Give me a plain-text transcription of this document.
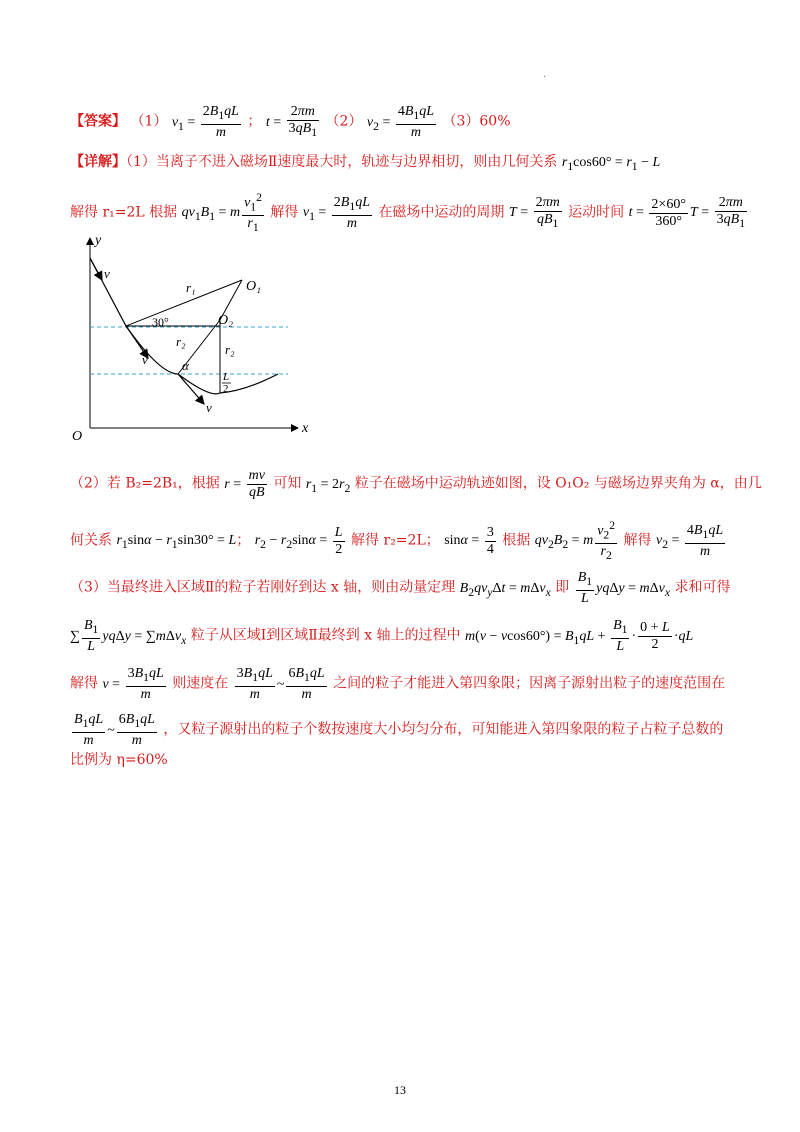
·
【答案】 （1） $v_1 = \frac{2B_1qL}{m}$ ； $t = \frac{2\pi m}{3qB_1} (2) v_2 = \frac{4B_1qL}{m} (3)60\%$
【详解】（1）当离子不进入磁场Ⅱ速度最大时，轨迹与边界相切，则由几何关系 $r_1\cos 60^\circ = r_1 - L$
解得 r₁=2L 根据 $qv_1B_1 = m \frac{v_1^2}{r_1}$ 解得 $v_1 = \frac{2B_1qL}{m}$ 在磁场中运动的周期 $T = \frac{2\pi m}{qB_1}$ 运动时间 $t = \frac{2\times 60^\circ}{360^\circ}$ $T = \frac{2\pi m}{3qB_1}$
y
x
O
v
v
v
r₁
r₂
r₂
O₁
O₂
30°
α
L
2
（2）若 B₂=2B₁，根据 $r = \frac{mv}{qB}$ 可知 $r_1 = 2r_2$ 粒子在磁场中运动轨迹如图，设 O₁O₂ 与磁场边界夹角为 α，由几
何关系 $r_1\sin\alpha - r_1\sin 30^\circ = L$； $r_2 - r_2\sin\alpha = \frac{L}{2}$ 解得 r₂=2L； $\sin\alpha = \frac{3}{4}$ 根据 $qv_2B_2 = m \frac{v_2^2}{r_2}$ 解得 $v_2 = \frac{4B_1qL}{m}$
（3）当最终进入区域Ⅱ的粒子若刚好到达 x 轴，则由动量定理 $B_2qv_y\Delta t = m\Delta v_x$ 即 $\frac{B_1}{L}$ yqΔy = mΔv$_x$ 求和可得
∑ $\frac{B_1}{L}$ yqΔy = ∑mΔv$_x$ 粒子从区域Ⅰ到区域Ⅱ最终到 x 轴上的过程中 $m(v - vcos60^\circ) = B_1qL + \frac{B_1}{L} \cdot \frac{0 + L}{2} \cdot qL$
解得 $v = \frac{3B_1qL}{m}$ 则速度在 $\frac{3B_1qL}{m}$ ~ $\frac{6B_1qL}{m}$ 之间的粒子才能进入第四象限；因离子源射出粒子的速度范围在
$\frac{B_1qL}{m}$ ~ $\frac{6B_1qL}{m}$ ，又粒子源射出的粒子个数按速度大小均匀分布，可知能进入第四象限的粒子占粒子总数的
比例为 η=60%
13
